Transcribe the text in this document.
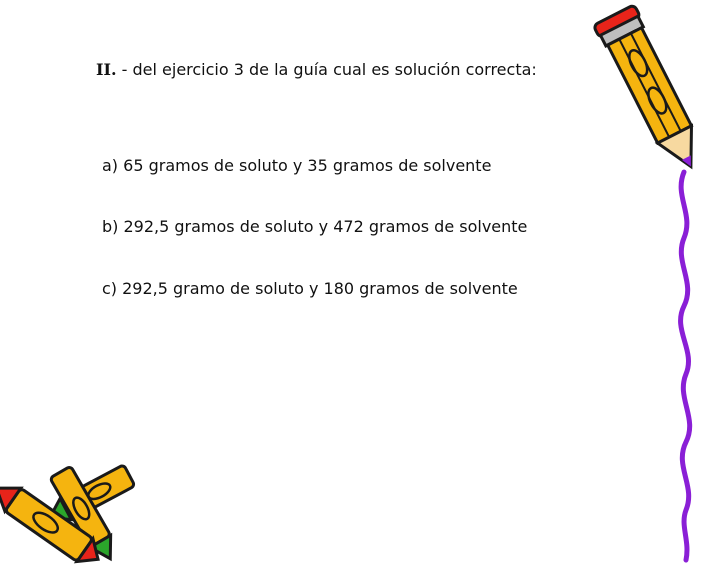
II. - del ejercicio 3 de la guía cual es solución correcta:
a) 65 gramos de soluto y 35 gramos de solvente
b) 292,5 gramos de soluto y 472 gramos de solvente
c) 292,5 gramo de soluto y 180 gramos de solvente
